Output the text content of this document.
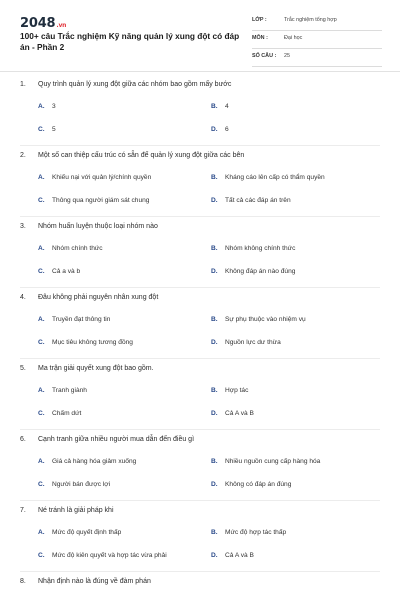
2048.vn
100+ câu Trắc nghiệm Kỹ năng quản lý xung đột có đáp án - Phần 2
LỚP :	Trắc nghiệm tổng hợp
MÔN :	Đại học
SỐ CÂU : 25
1. Quy trình quản lý xung đột giữa các nhóm bao gồm mấy bước
A. 3	B. 4
C. 5	D. 6
2. Một số can thiệp cấu trúc có sẵn để quản lý xung đột giữa các bên
A. Khiếu nại với quản lý/chính quyền	B. Kháng cáo lên cấp có thẩm quyền
C. Thông qua người giám sát chung	D. Tất cả các đáp án trên
3. Nhóm huấn luyện thuộc loại nhóm nào
A. Nhóm chính thức	B. Nhóm không chính thức
C. Cả a và b	D. Không đáp án nào đúng
4. Đâu không phải nguyên nhân xung đột
A. Truyền đạt thông tin	B. Sự phụ thuộc vào nhiệm vụ
C. Mục tiêu không tương đồng	D. Nguồn lực dư thừa
5. Ma trận giải quyết xung đột bao gồm.
A. Tranh giành	B. Hợp tác
C. Chấm dứt	D. Cả A và B
6. Cạnh tranh giữa nhiều người mua dẫn đến điều gì
A. Giá cả hàng hóa giảm xuống	B. Nhiều nguồn cung cấp hàng hóa
C. Người bán được lợi	D. Không có đáp án đúng
7. Né tránh là giải pháp khi
A. Mức độ quyết định thấp	B. Mức độ hợp tác thấp
C. Mức độ kiên quyết và hợp tác vừa phải	D. Cả A và B
8. Nhận định nào là đúng về đàm phán
